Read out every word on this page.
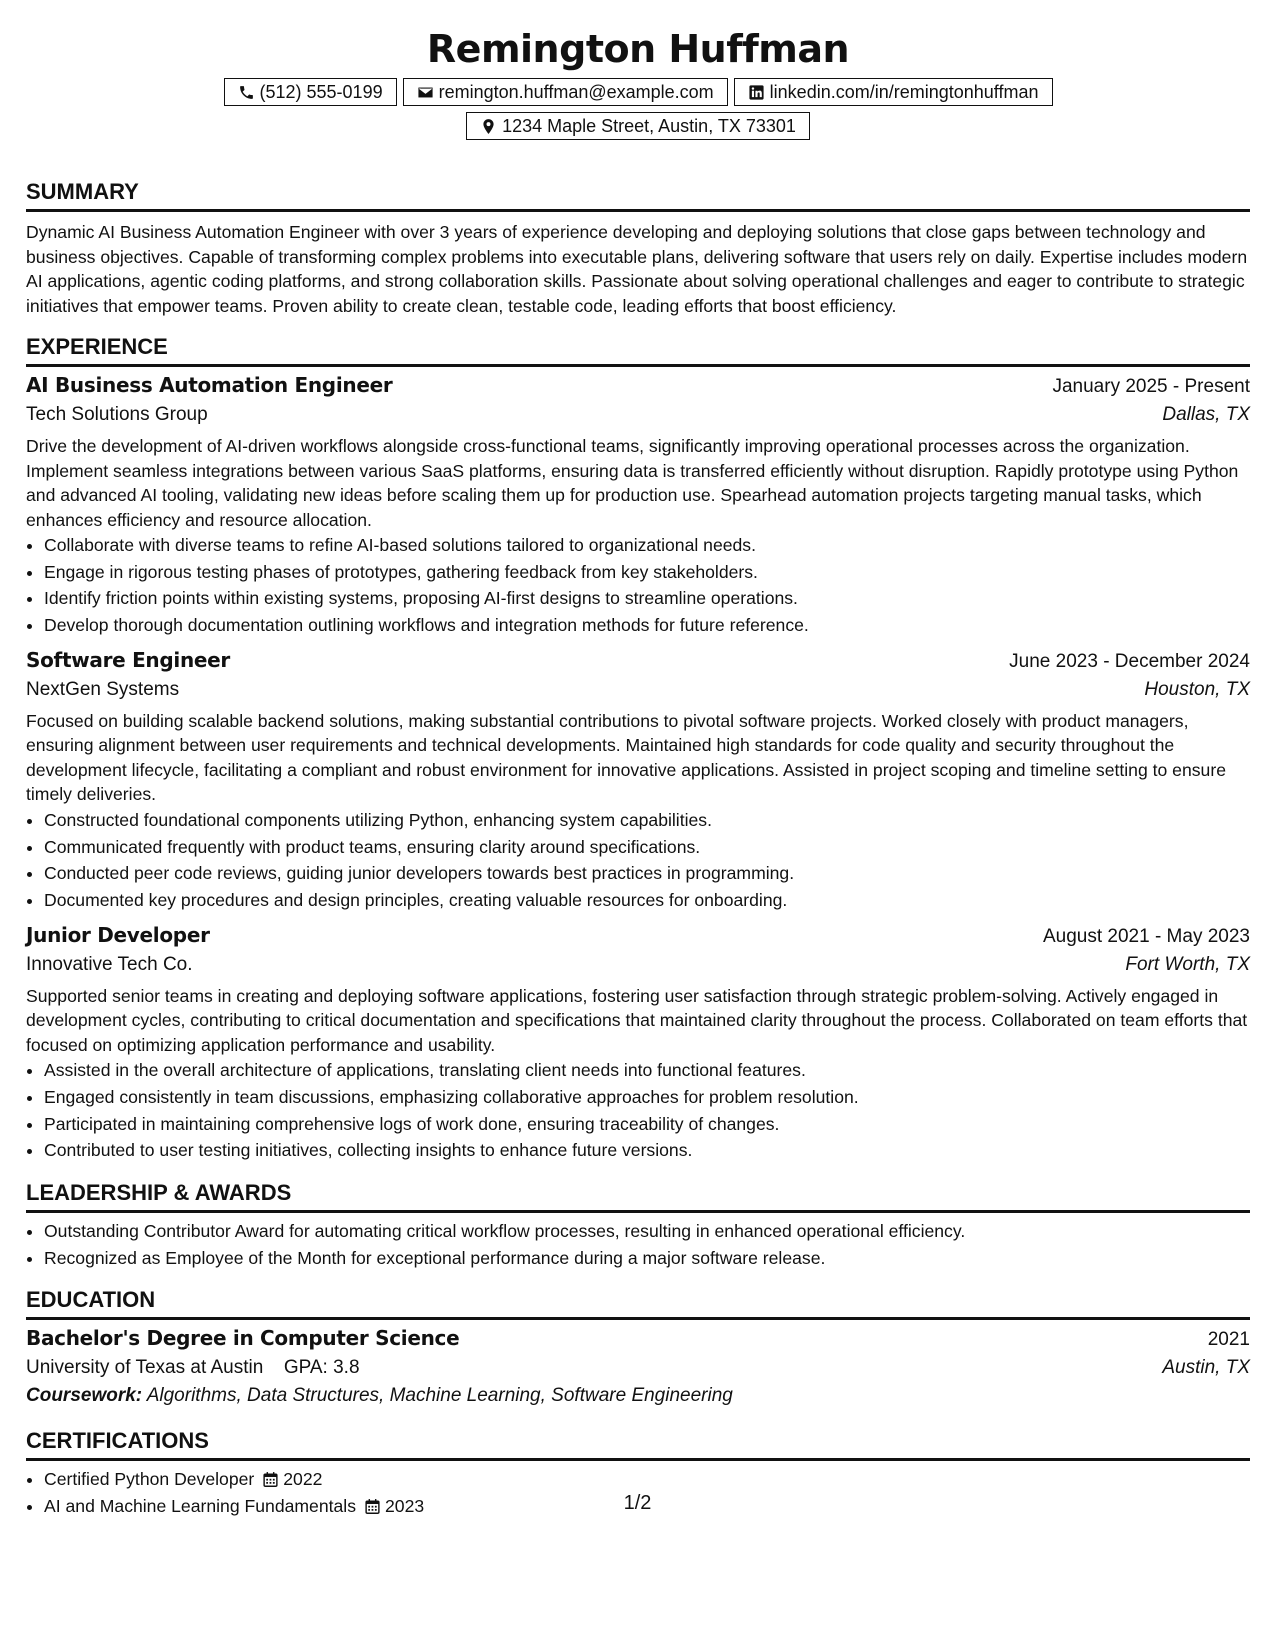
Remington Huffman
(512) 555-0199	remington.huffman@example.com	linkedin.com/in/remingtonhuffman
1234 Maple Street, Austin, TX 73301
SUMMARY

Dynamic AI Business Automation Engineer with over 3 years of experience developing and deploying solutions that close gaps between technology and business objectives. Capable of transforming complex problems into executable plans, delivering software that users rely on daily. Expertise includes modern AI applications, agentic coding platforms, and strong collaboration skills. Passionate about solving operational challenges and eager to contribute to strategic initiatives that empower teams. Proven ability to create clean, testable code, leading efforts that boost efficiency.

EXPERIENCE
AI Business Automation Engineer	January 2025 - Present
Tech Solutions Group	Dallas, TX

Drive the development of AI-driven workflows alongside cross-functional teams, significantly improving operational processes across the organization. Implement seamless integrations between various SaaS platforms, ensuring data is transferred efficiently without disruption. Rapidly prototype using Python and advanced AI tooling, validating new ideas before scaling them up for production use. Spearhead automation projects targeting manual tasks, which enhances efficiency and resource allocation.

• Collaborate with diverse teams to refine AI-based solutions tailored to organizational needs.
• Engage in rigorous testing phases of prototypes, gathering feedback from key stakeholders.
• Identify friction points within existing systems, proposing AI-first designs to streamline operations.
• Develop thorough documentation outlining workflows and integration methods for future reference.
Software Engineer	June 2023 - December 2024
NextGen Systems	Houston, TX

Focused on building scalable backend solutions, making substantial contributions to pivotal software projects. Worked closely with product managers, ensuring alignment between user requirements and technical developments. Maintained high standards for code quality and security throughout the development lifecycle, facilitating a compliant and robust environment for innovative applications. Assisted in project scoping and timeline setting to ensure timely deliveries.

• Constructed foundational components utilizing Python, enhancing system capabilities.
• Communicated frequently with product teams, ensuring clarity around specifications.
• Conducted peer code reviews, guiding junior developers towards best practices in programming.
• Documented key procedures and design principles, creating valuable resources for onboarding.
Junior Developer	August 2021 - May 2023
Innovative Tech Co.	Fort Worth, TX

Supported senior teams in creating and deploying software applications, fostering user satisfaction through strategic problem-solving. Actively engaged in development cycles, contributing to critical documentation and specifications that maintained clarity throughout the process. Collaborated on team efforts that focused on optimizing application performance and usability.

• Assisted in the overall architecture of applications, translating client needs into functional features.
• Engaged consistently in team discussions, emphasizing collaborative approaches for problem resolution.
• Participated in maintaining comprehensive logs of work done, ensuring traceability of changes.
• Contributed to user testing initiatives, collecting insights to enhance future versions.
LEADERSHIP & AWARDS
• Outstanding Contributor Award for automating critical workflow processes, resulting in enhanced operational efficiency.
• Recognized as Employee of the Month for exceptional performance during a major software release.
EDUCATION
Bachelor's Degree in Computer Science	2021
University of Texas at Austin GPA: 3.8	Austin, TX
Coursework: Algorithms, Data Structures, Machine Learning, Software Engineering
CERTIFICATIONS
• Certified Python Developer 2022
• AI and Machine Learning Fundamentals 2023	1/2
